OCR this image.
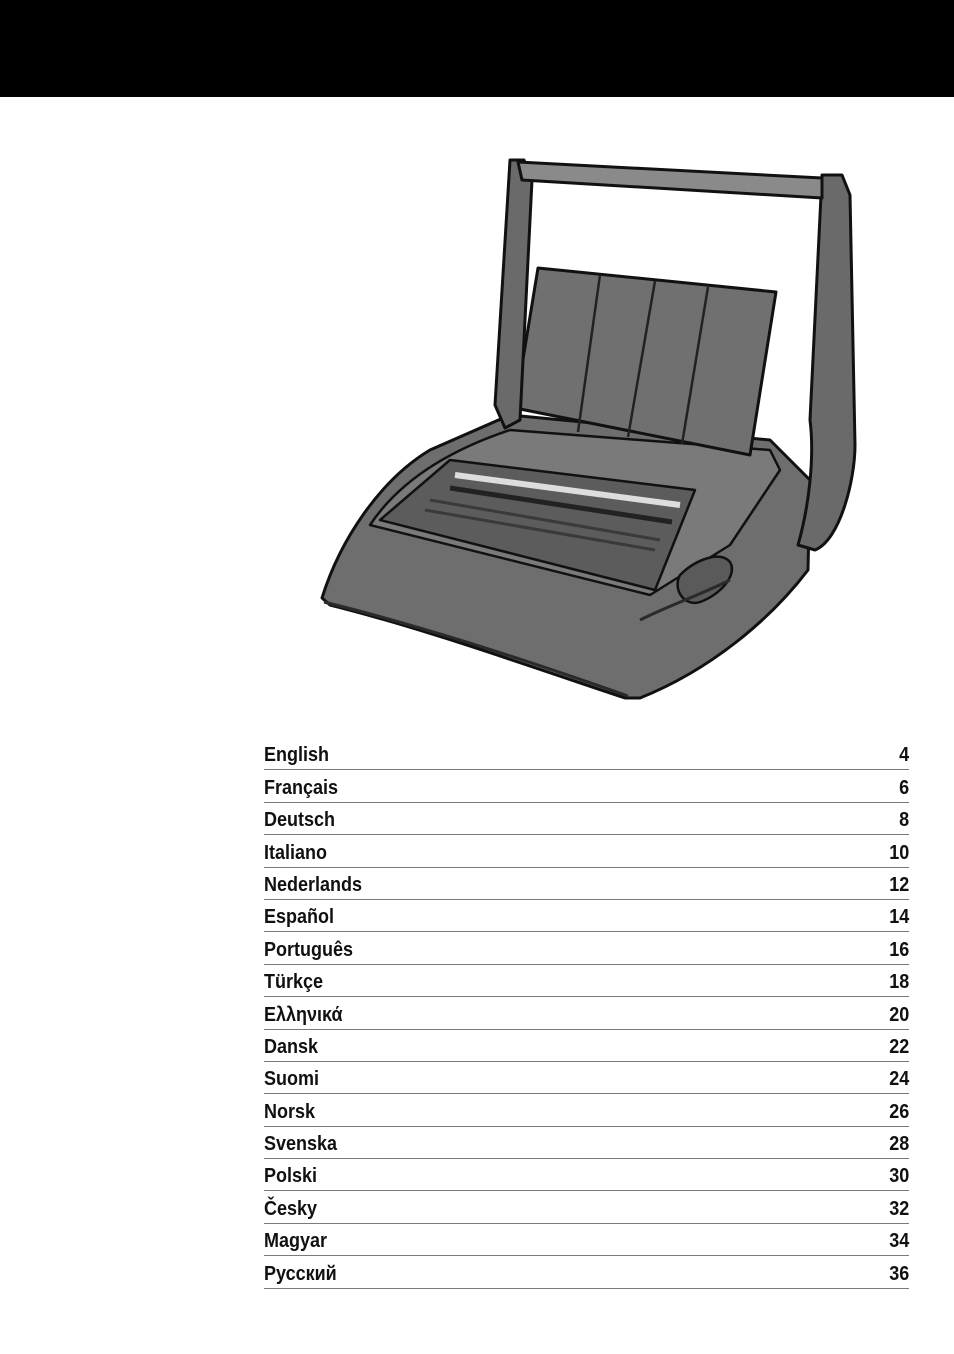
English	4
Français	6
Deutsch	8
Italiano	10
Nederlands	12
Español	14
Português	16
Türkçe	18
Ελληνικά	20
Dansk	22
Suomi	24
Norsk	26
Svenska	28
Polski	30
Česky	32
Magyar	34
Русский	36
